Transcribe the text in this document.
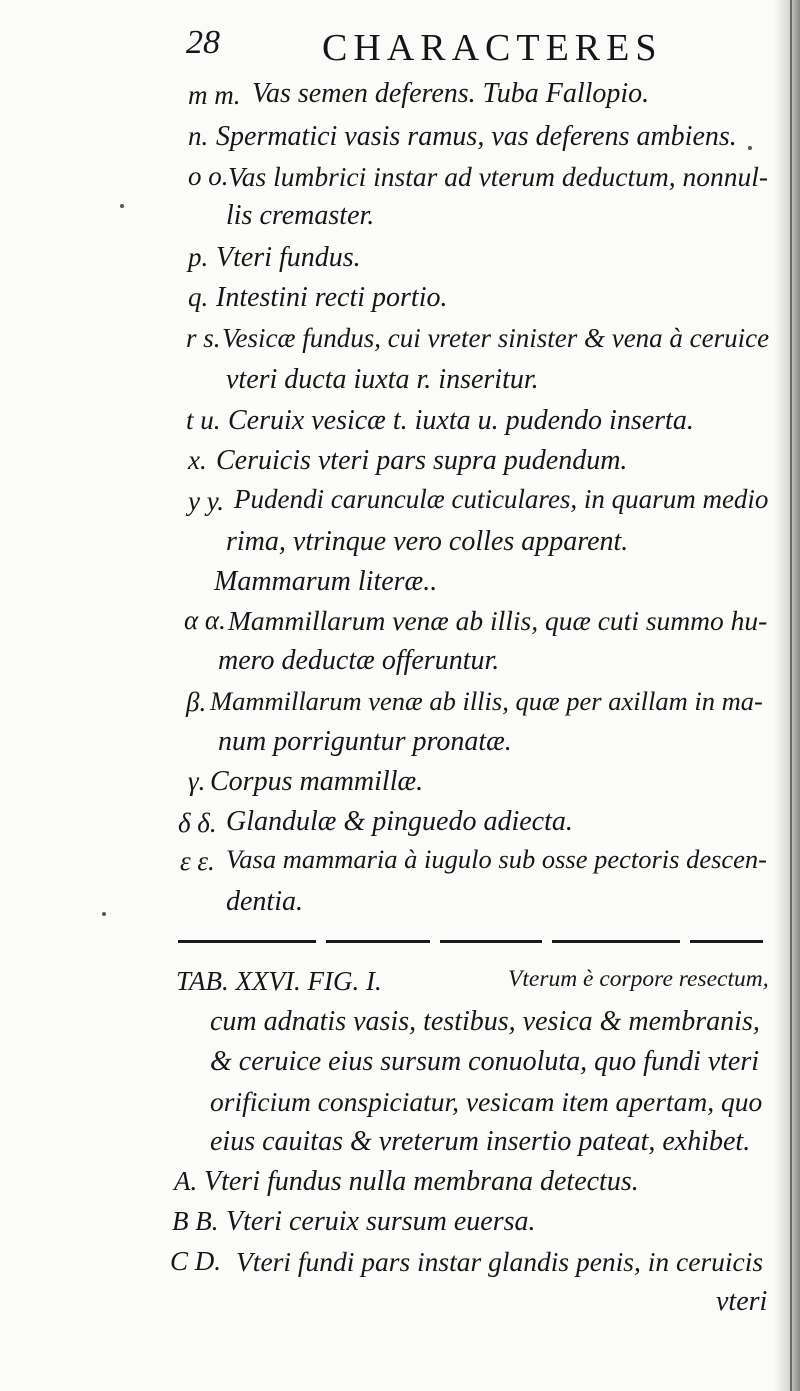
28	CHARACTERES
m m. Vas semen deferens. Tuba Fallopio.
n. Spermatici vasis ramus, vas deferens ambiens.
o o. Vas lumbrici instar ad vterum deductum, nonnul-
lis cremaster.
p. Vteri fundus.
q. Intestini recti portio.
r s. Vesicæ fundus, cui vreter sinister & vena à ceruice
vteri ducta iuxta r. inseritur.
t u. Ceruix vesicæ t. iuxta u. pudendo inserta.
x. Ceruicis vteri pars supra pudendum.
y y. Pudendi carunculæ cuticulares, in quarum medio
rima, vtrinque vero colles apparent.
Mammarum literæ..
α α. Mammillarum venæ ab illis, quæ cuti summo hu-
mero deductæ offeruntur.
β. Mammillarum venæ ab illis, quæ per axillam in ma-
num porriguntur pronatæ.
γ. Corpus mammillæ.
δ δ. Glandulæ & pinguedo adiecta.
ε ε. Vasa mammaria à iugulo sub osse pectoris descen-
dentia.
TAB. XXVI. FIG. I.	Vterum è corpore resectum,
cum adnatis vasis, testibus, vesica & membranis,
& ceruice eius sursum conuoluta, quo fundi vteri
orificium conspiciatur, vesicam item apertam, quo
eius cauitas & vreterum insertio pateat, exhibet.
A. Vteri fundus nulla membrana detectus.
B B. Vteri ceruix sursum euersa.
C D. Vteri fundi pars instar glandis penis, in ceruicis
vteri
